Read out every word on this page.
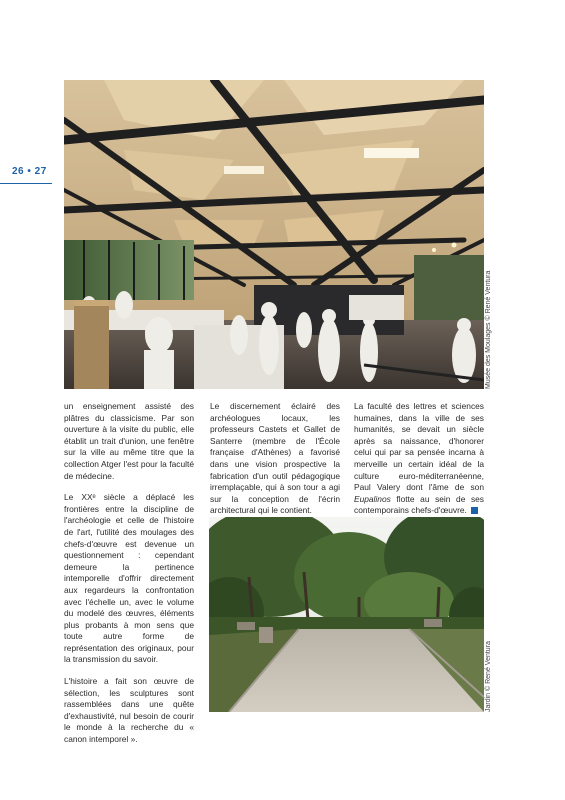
26 • 27
Musée des Moulages © René Ventura

un enseignement assisté des plâtres du classicisme. Par son ouverture à la visite du public, elle établit un trait d'union, une fenêtre sur la ville au même titre que la collection Atger l'est pour la faculté de médecine.

Le XXᵉ siècle a déplacé les frontières entre la discipline de l'archéologie et celle de l'histoire de l'art, l'utilité des moulages des chefs-d'œuvre est devenue un questionnement : cependant demeure la pertinence intemporelle d'offrir directement aux regardeurs la confrontation avec l'échelle un, avec le volume du modelé des œuvres, éléments plus probants à mon sens que toute autre forme de représentation des originaux, pour la transmission du savoir.

L'histoire a fait son œuvre de sélection, les sculptures sont rassemblées dans une quête d'exhaustivité, nul besoin de courir le monde à la recherche du « canon intemporel ».

Le discernement éclairé des archéologues locaux, les professeurs Castets et Gallet de Santerre (membre de l'École française d'Athènes) a favorisé dans une vision prospective la fabrication d'un outil pédagogique irremplaçable, qui à son tour a agi sur la conception de l'écrin architectural qui le contient.

La faculté des lettres et sciences humaines, dans la ville de ses humanités, se devait un siècle après sa naissance, d'honorer celui qui par sa pensée incarna à merveille un certain idéal de la culture euro-méditerranéenne, Paul Valery dont l'âme de son Eupalinos flotte au sein de ses contemporains chefs-d'œuvre.

Jardin © René Ventura
